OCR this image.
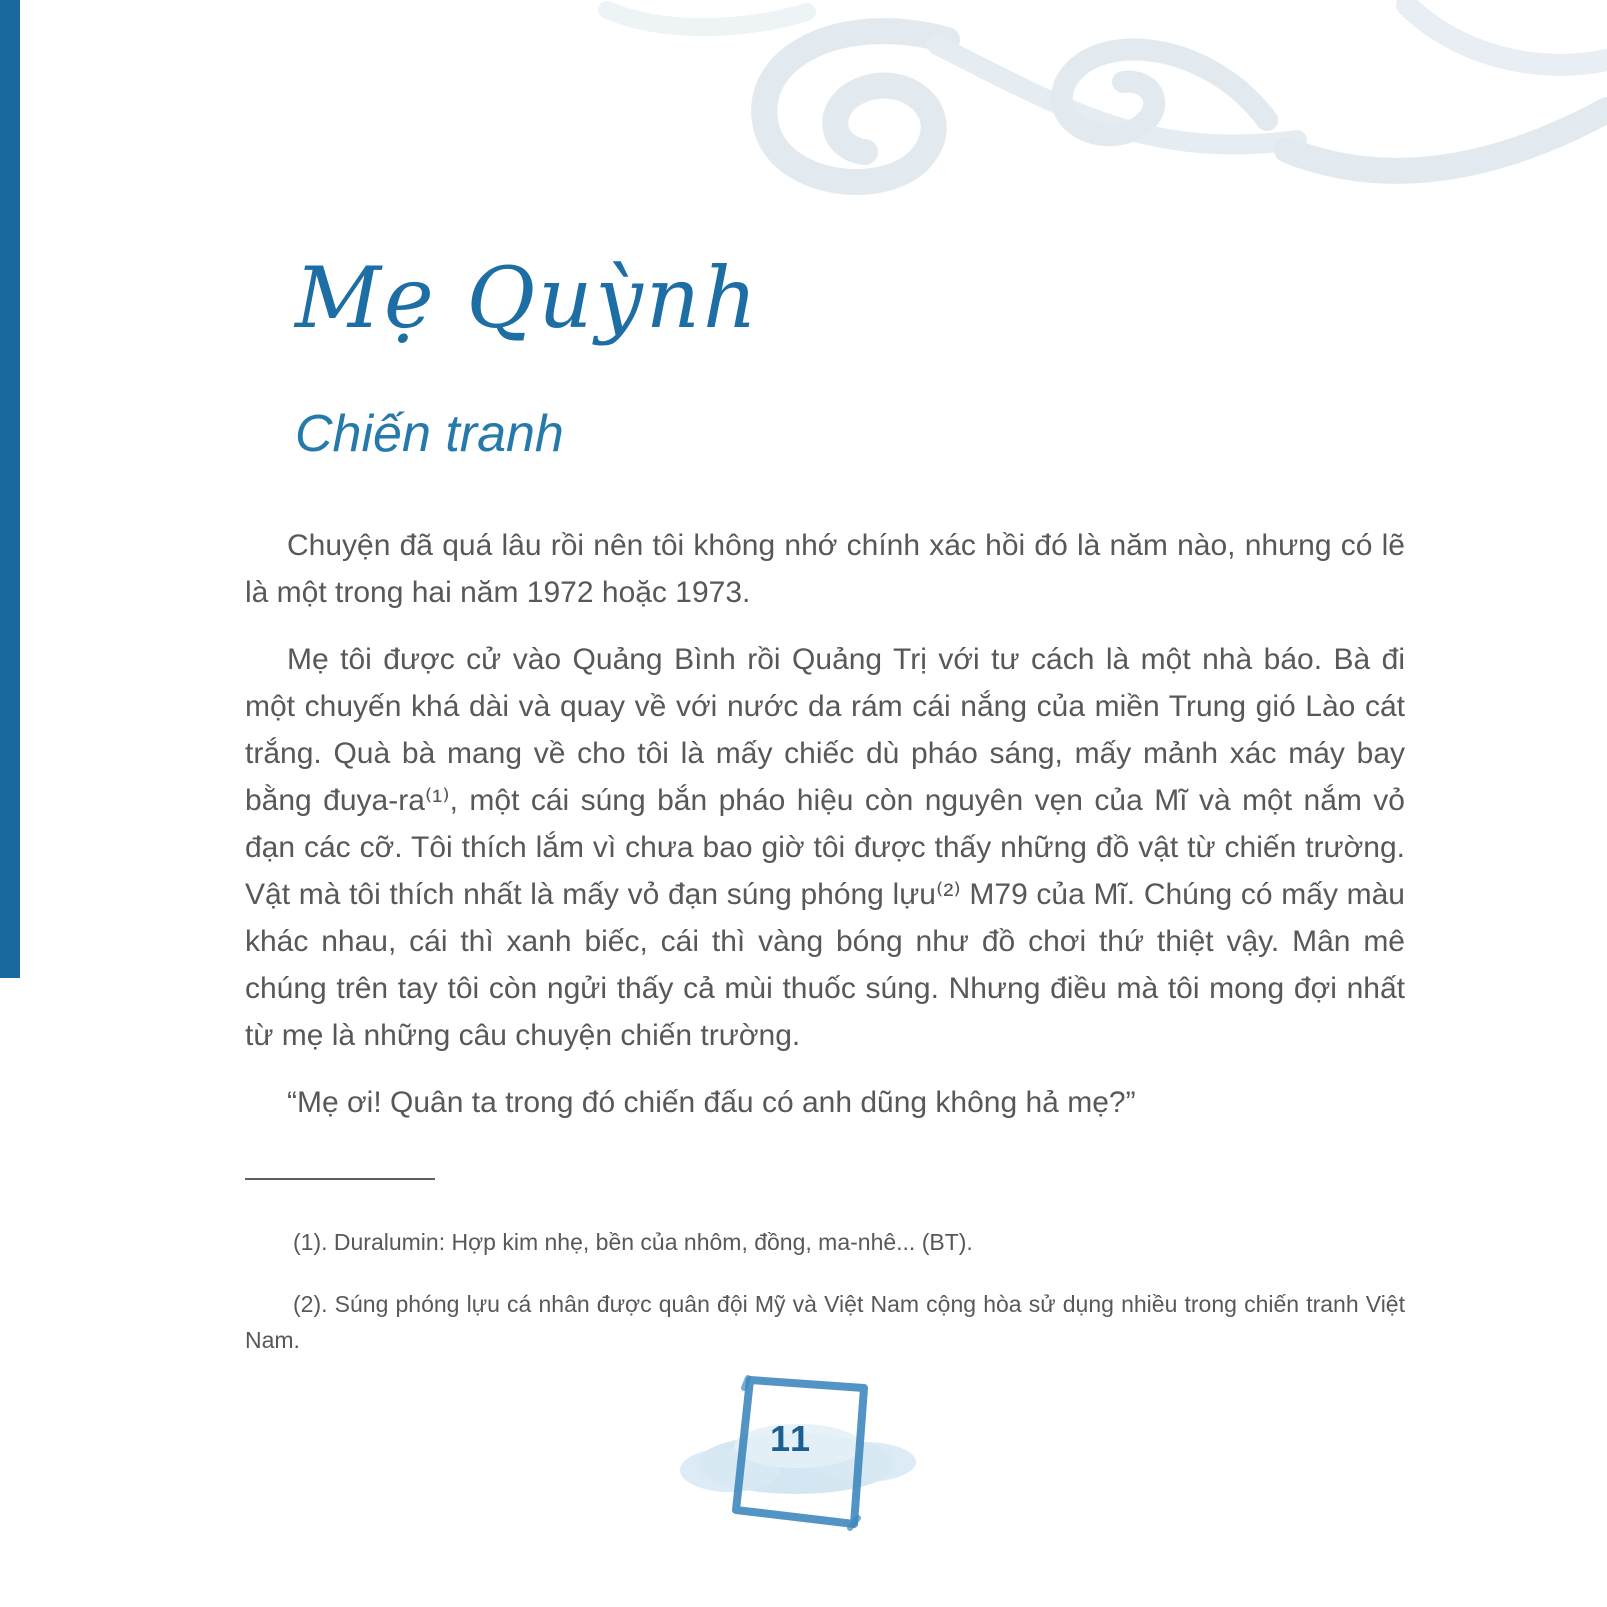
Mẹ Quỳnh
Chiến tranh

Chuyện đã quá lâu rồi nên tôi không nhớ chính xác hồi đó là năm nào, nhưng có lẽ là một trong hai năm 1972 hoặc 1973.

Mẹ tôi được cử vào Quảng Bình rồi Quảng Trị với tư cách là một nhà báo. Bà đi một chuyến khá dài và quay về với nước da rám cái nắng của miền Trung gió Lào cát trắng. Quà bà mang về cho tôi là mấy chiếc dù pháo sáng, mấy mảnh xác máy bay bằng đuya-ra⁽¹⁾, một cái súng bắn pháo hiệu còn nguyên vẹn của Mĩ và một nắm vỏ đạn các cỡ. Tôi thích lắm vì chưa bao giờ tôi được thấy những đồ vật từ chiến trường. Vật mà tôi thích nhất là mấy vỏ đạn súng phóng lựu⁽²⁾ M79 của Mĩ. Chúng có mấy màu khác nhau, cái thì xanh biếc, cái thì vàng bóng như đồ chơi thứ thiệt vậy. Mân mê chúng trên tay tôi còn ngửi thấy cả mùi thuốc súng. Nhưng điều mà tôi mong đợi nhất từ mẹ là những câu chuyện chiến trường.

“Mẹ ơi! Quân ta trong đó chiến đấu có anh dũng không hả mẹ?”

(1). Duralumin: Hợp kim nhẹ, bền của nhôm, đồng, ma-nhê... (BT).

(2). Súng phóng lựu cá nhân được quân đội Mỹ và Việt Nam cộng hòa sử dụng nhiều trong chiến tranh Việt Nam.

11
